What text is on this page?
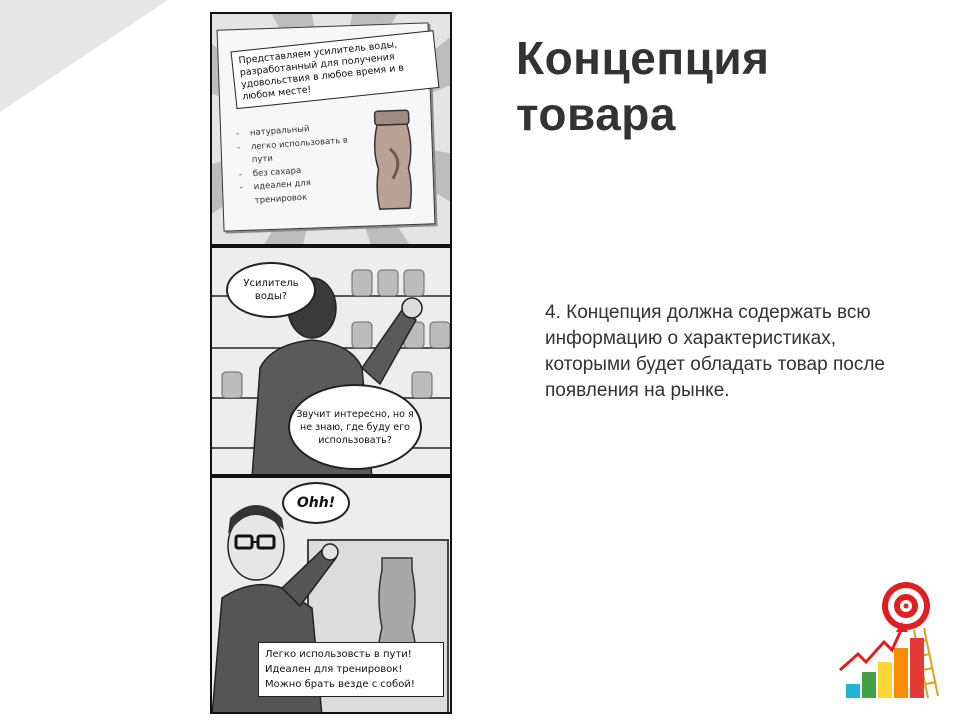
Концепция
товара
4. Концепция должна содержать всю информацию о характеристиках, которыми будет обладать товар после появления на рынке.
Представляем усилитель воды, разработанный для получения удовольствия в любое время и в любом месте!
- натуральный
- легко использовать в пути
- без сахара
- идеален для тренировок
Усилитель воды?
Звучит интересно, но я не знаю, где буду его использовать?
Ohh!
Легко использовсть в пути!
Идеален для тренировок!
Можно брать везде с собой!
